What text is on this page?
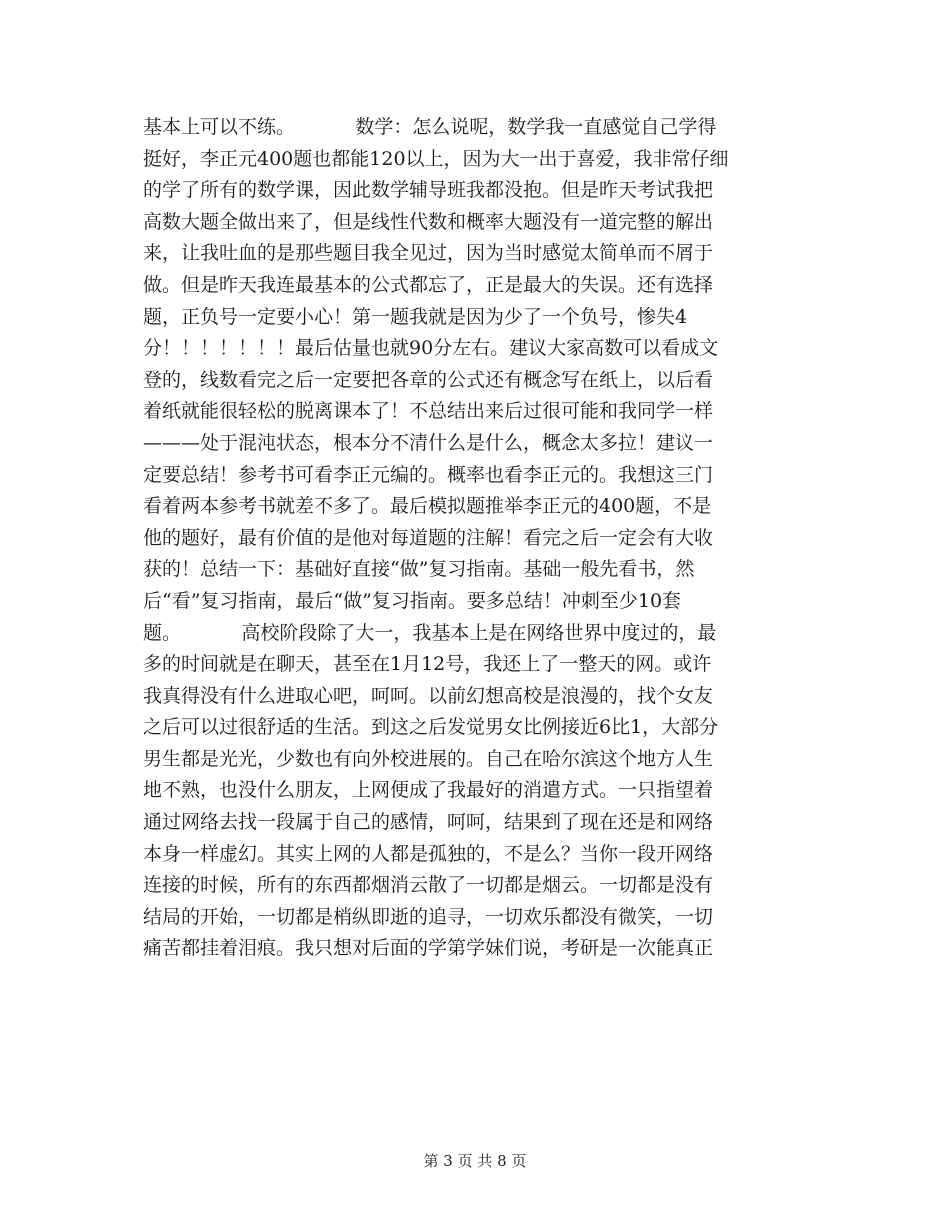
基本上可以不练。          数学：怎么说呢，数学我一直感觉自己学得
挺好，李正元400题也都能120以上，因为大一出于喜爱，我非常仔细
的学了所有的数学课，因此数学辅导班我都没抱。但是昨天考试我把
高数大题全做出来了，但是线性代数和概率大题没有一道完整的解出
来，让我吐血的是那些题目我全见过，因为当时感觉太简单而不屑于
做。但是昨天我连最基本的公式都忘了，正是最大的失误。还有选择
题，正负号一定要小心！第一题我就是因为少了一个负号，惨失4
分！！！！！！！最后估量也就90分左右。建议大家高数可以看成文
登的，线数看完之后一定要把各章的公式还有概念写在纸上，以后看
着纸就能很轻松的脱离课本了！不总结出来后过很可能和我同学一样
———处于混沌状态，根本分不清什么是什么，概念太多拉！建议一
定要总结！参考书可看李正元编的。概率也看李正元的。我想这三门
看着两本参考书就差不多了。最后模拟题推举李正元的400题，不是
他的题好，最有价值的是他对每道题的注解！看完之后一定会有大收
获的！总结一下：基础好直接“做”复习指南。基础一般先看书，然
后“看”复习指南，最后“做”复习指南。要多总结！冲刺至少10套
题。          高校阶段除了大一，我基本上是在网络世界中度过的，最
多的时间就是在聊天，甚至在1月12号，我还上了一整天的网。或许
我真得没有什么进取心吧，呵呵。以前幻想高校是浪漫的，找个女友
之后可以过很舒适的生活。到这之后发觉男女比例接近6比1，大部分
男生都是光光，少数也有向外校进展的。自己在哈尔滨这个地方人生
地不熟，也没什么朋友，上网便成了我最好的消遣方式。一只指望着
通过网络去找一段属于自己的感情，呵呵，结果到了现在还是和网络
本身一样虚幻。其实上网的人都是孤独的，不是么？当你一段开网络
连接的时候，所有的东西都烟消云散了一切都是烟云。一切都是没有
结局的开始，一切都是梢纵即逝的追寻，一切欢乐都没有微笑，一切
痛苦都挂着泪痕。我只想对后面的学第学妹们说，考研是一次能真正
第 3 页 共 8 页
